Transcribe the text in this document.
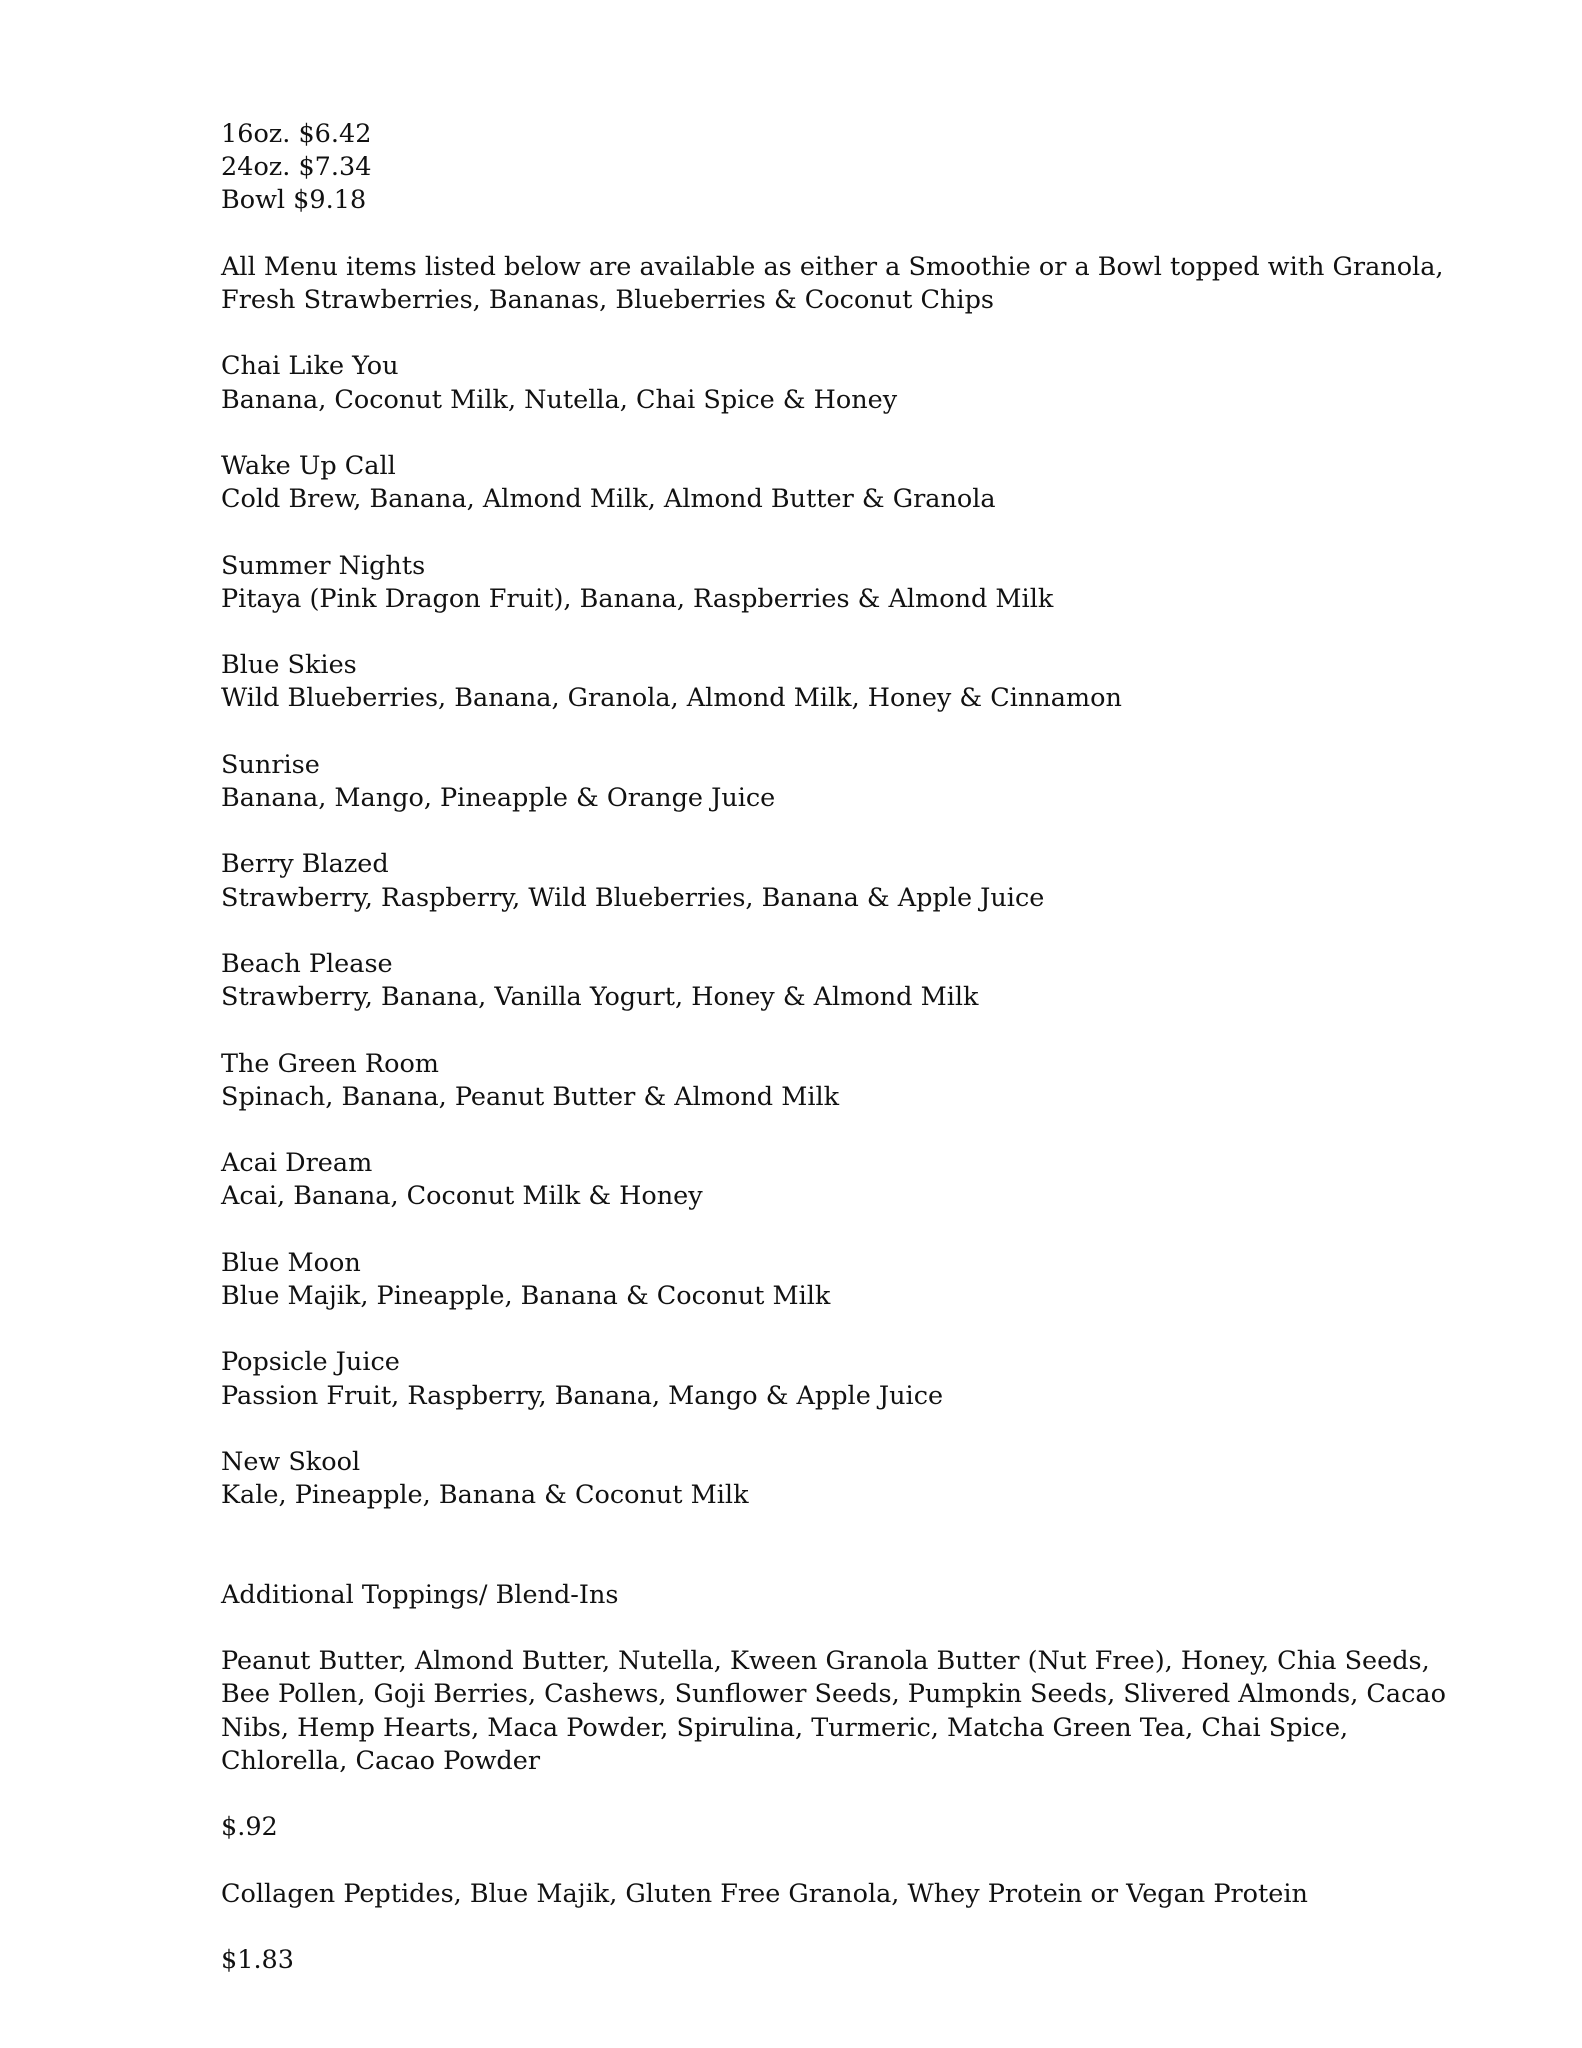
16oz. $6.42
24oz. $7.34
Bowl $9.18
All Menu items listed below are available as either a Smoothie or a Bowl topped with Granola,
Fresh Strawberries, Bananas, Blueberries & Coconut Chips
Chai Like You
Banana, Coconut Milk, Nutella, Chai Spice & Honey
Wake Up Call
Cold Brew, Banana, Almond Milk, Almond Butter & Granola
Summer Nights
Pitaya (Pink Dragon Fruit), Banana, Raspberries & Almond Milk
Blue Skies
Wild Blueberries, Banana, Granola, Almond Milk, Honey & Cinnamon
Sunrise
Banana, Mango, Pineapple & Orange Juice
Berry Blazed
Strawberry, Raspberry, Wild Blueberries, Banana & Apple Juice
Beach Please
Strawberry, Banana, Vanilla Yogurt, Honey & Almond Milk
The Green Room
Spinach, Banana, Peanut Butter & Almond Milk
Acai Dream
Acai, Banana, Coconut Milk & Honey
Blue Moon
Blue Majik, Pineapple, Banana & Coconut Milk
Popsicle Juice
Passion Fruit, Raspberry, Banana, Mango & Apple Juice
New Skool
Kale, Pineapple, Banana & Coconut Milk
Additional Toppings/ Blend-Ins
Peanut Butter, Almond Butter, Nutella, Kween Granola Butter (Nut Free), Honey, Chia Seeds,
Bee Pollen, Goji Berries, Cashews, Sunflower Seeds, Pumpkin Seeds, Slivered Almonds, Cacao
Nibs, Hemp Hearts, Maca Powder, Spirulina, Turmeric, Matcha Green Tea, Chai Spice,
Chlorella, Cacao Powder
$.92
Collagen Peptides, Blue Majik, Gluten Free Granola, Whey Protein or Vegan Protein
$1.83
